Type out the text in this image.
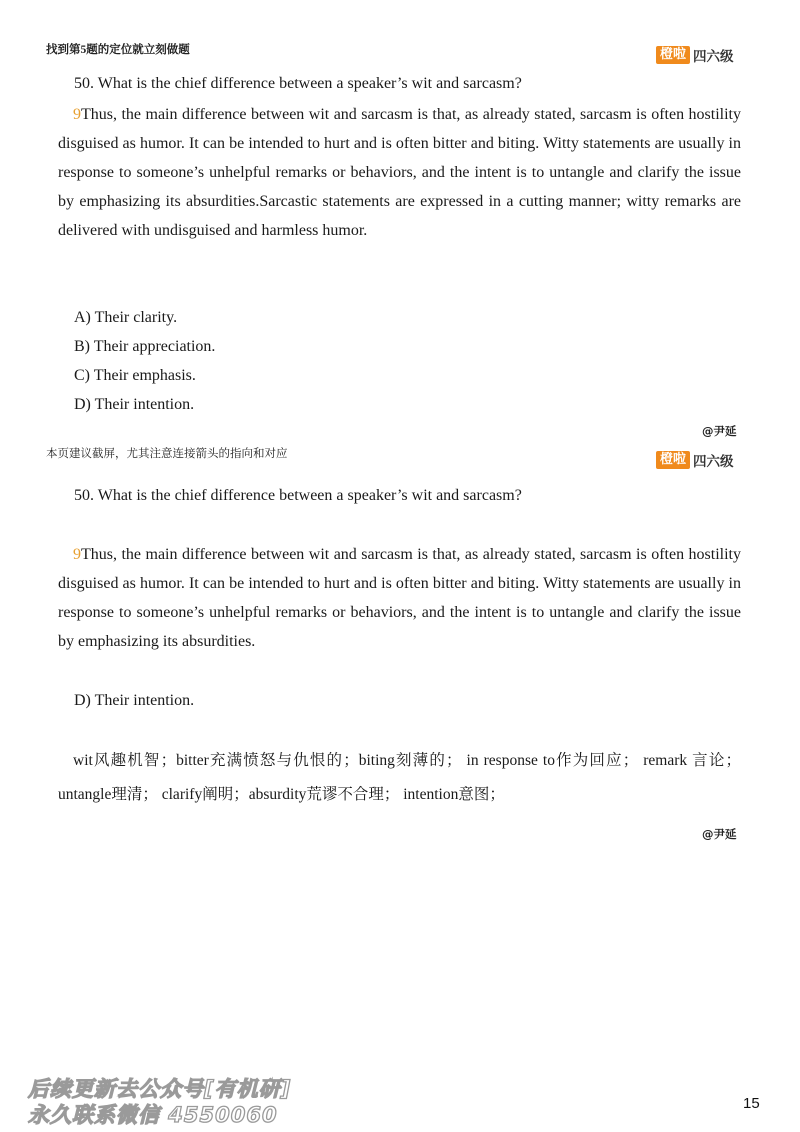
找到第5题的定位就立刻做题	橙啦 四六级
50. What is the chief difference between a speaker’s wit and sarcasm?
9Thus, the main difference between wit and sarcasm is that, as already stated, sarcasm is often hostility disguised as humor. It can be intended to hurt and is often bitter and biting. Witty statements are usually in response to someone’s unhelpful remarks or behaviors, and the intent is to untangle and clarify the issue by emphasizing its absurdities.Sarcastic statements are expressed in a cutting manner; witty remarks are delivered with undisguised and harmless humor.
A) Their clarity.
B) Their appreciation.
C) Their emphasis.
D) Their intention.
@尹延
本页建议截屏，尤其注意连接箭头的指向和对应	橙啦 四六级
50. What is the chief difference between a speaker’s wit and sarcasm?
9Thus, the main difference between wit and sarcasm is that, as already stated, sarcasm is often hostility disguised as humor. It can be intended to hurt and is often bitter and biting. Witty statements are usually in response to someone’s unhelpful remarks or behaviors, and the intent is to untangle and clarify the issue by emphasizing its absurdities.
D) Their intention.
wit风趣机智；bitter充满愤怒与仇恨的；biting刻薄的； in response to作为回应； remark 言论； untangle理清； clarify阐明；absurdity荒谬不合理； intention意图；
@尹延
后续更新去公众号[有机研]
永久联系微信 4550060	15
